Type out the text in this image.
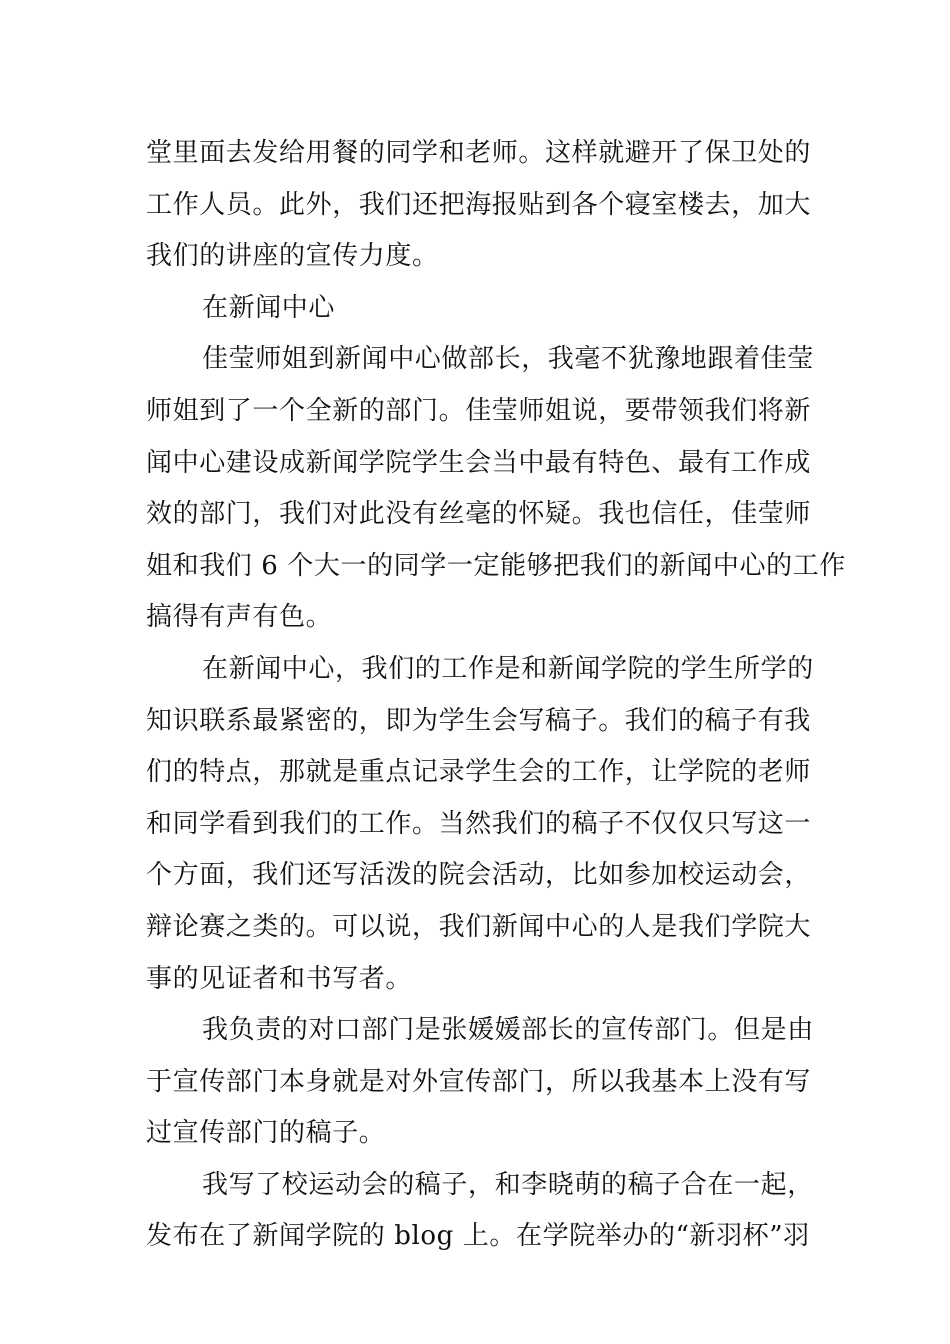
堂里面去发给用餐的同学和老师。这样就避开了保卫处的
工作人员。此外，我们还把海报贴到各个寝室楼去，加大
我们的讲座的宣传力度。

在新闻中心

佳莹师姐到新闻中心做部长，我毫不犹豫地跟着佳莹
师姐到了一个全新的部门。佳莹师姐说，要带领我们将新
闻中心建设成新闻学院学生会当中最有特色、最有工作成
效的部门，我们对此没有丝毫的怀疑。我也信任，佳莹师
姐和我们 6 个大一的同学一定能够把我们的新闻中心的工作
搞得有声有色。

在新闻中心，我们的工作是和新闻学院的学生所学的
知识联系最紧密的，即为学生会写稿子。我们的稿子有我
们的特点，那就是重点记录学生会的工作，让学院的老师
和同学看到我们的工作。当然我们的稿子不仅仅只写这一
个方面，我们还写活泼的院会活动，比如参加校运动会，
辩论赛之类的。可以说，我们新闻中心的人是我们学院大
事的见证者和书写者。

我负责的对口部门是张媛媛部长的宣传部门。但是由
于宣传部门本身就是对外宣传部门，所以我基本上没有写
过宣传部门的稿子。

我写了校运动会的稿子，和李晓萌的稿子合在一起，
发布在了新闻学院的 blog 上。在学院举办的“新羽杯”羽
